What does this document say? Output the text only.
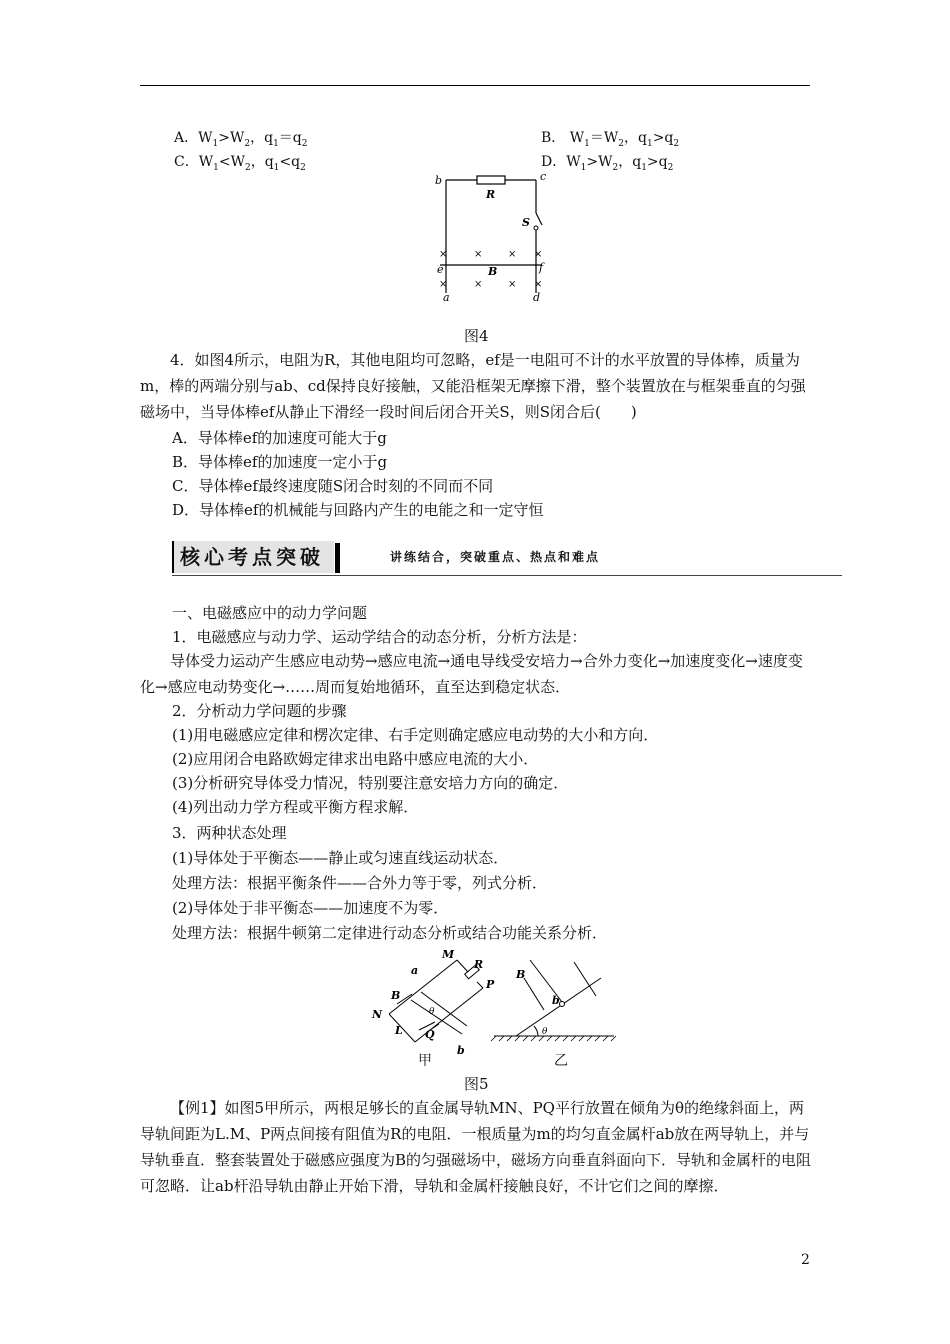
A．$W_1>W_2$，$q_1=q_2$	B． $W_1=W_2$，$q_1>q_2$
C．$W_1<W_2$，$q_1<q_2$	D．$W_1>W_2$，$q_1>q_2$
b	c
R
S
e	f
B
a	d
×	×	× ×
×	×	× ×
图4
4．如图4所示，电阻为R，其他电阻均可忽略，ef是一电阻可不计的水平放置的导体棒，质量为m，棒的两端分别与ab、cd保持良好接触，又能沿框架无摩擦下滑，整个装置放在与框架垂直的匀强磁场中，当导体棒ef从静止下滑经一段时间后闭合开关S，则S闭合后(　　)
A．导体棒ef的加速度可能大于g
B．导体棒ef的加速度一定小于g
C．导体棒ef最终速度随S闭合时刻的不同而不同
D．导体棒ef的机械能与回路内产生的电能之和一定守恒
核心考点突破	讲练结合，突破重点、热点和难点
一、电磁感应中的动力学问题
1．电磁感应与动力学、运动学结合的动态分析，分析方法是：
导体受力运动产生感应电动势→感应电流→通电导线受安培力→合外力变化→加速度变化→速度变化→感应电动势变化→……周而复始地循环，直至达到稳定状态．
2．分析动力学问题的步骤
(1)用电磁感应定律和楞次定律、右手定则确定感应电动势的大小和方向．
(2)应用闭合电路欧姆定律求出电路中感应电流的大小．
(3)分析研究导体受力情况，特别要注意安培力方向的确定．
(4)列出动力学方程或平衡方程求解．
3．两种状态处理
(1)导体处于平衡态——静止或匀速直线运动状态．
处理方法：根据平衡条件——合外力等于零，列式分析．
(2)导体处于非平衡态——加速度不为零．
处理方法：根据牛顿第二定律进行动态分析或结合功能关系分析．
M
R
a
P
B
N
L Q
b
θ
甲
B
b
θ
乙
图5
【例1】如图5甲所示，两根足够长的直金属导轨MN、PQ平行放置在倾角为θ的绝缘斜面上，两导轨间距为L.M、P两点间接有阻值为R的电阻．一根质量为m的均匀直金属杆ab放在两导轨上，并与导轨垂直．整套装置处于磁感应强度为B的匀强磁场中，磁场方向垂直斜面向下．导轨和金属杆的电阻可忽略．让ab杆沿导轨由静止开始下滑，导轨和金属杆接触良好，不计它们之间的摩擦．
2
